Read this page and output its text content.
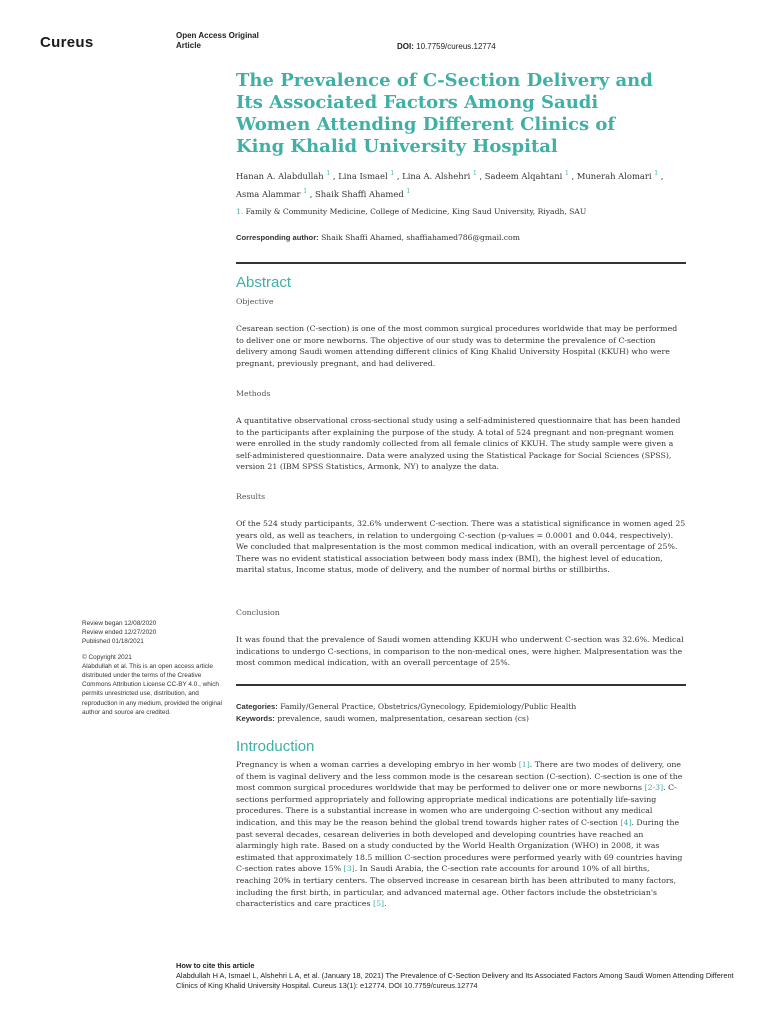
Cureus	Open Access Original
Article	DOI: 10.7759/cureus.12774
The Prevalence of C-Section Delivery and Its Associated Factors Among Saudi Women Attending Different Clinics of King Khalid University Hospital
Hanan A. Alabdullah $^1$ , Lina Ismael $^1$ , Lina A. Alshehri $^1$ , Sadeem Alqahtani $^1$ , Munerah Alomari $^1$ , Asma Alammar $^1$ , Shaik Shaffi Ahamed $^1$
1. Family & Community Medicine, College of Medicine, King Saud University, Riyadh, SAU
Corresponding author: Shaik Shaffi Ahamed, shaffiahamed786@gmail.com
Abstract
Objective
Cesarean section (C-section) is one of the most common surgical procedures worldwide that may be performed to deliver one or more newborns. The objective of our study was to determine the prevalence of C-section delivery among Saudi women attending different clinics of King Khalid University Hospital (KKUH) who were pregnant, previously pregnant, and had delivered.
Methods
A quantitative observational cross-sectional study using a self-administered questionnaire that has been handed to the participants after explaining the purpose of the study. A total of 524 pregnant and non-pregnant women were enrolled in the study randomly collected from all female clinics of KKUH. The study sample were given a self-administered questionnaire. Data were analyzed using the Statistical Package for Social Sciences (SPSS), version 21 (IBM SPSS Statistics, Armonk, NY) to analyze the data.
Results
Of the 524 study participants, 32.6% underwent C-section. There was a statistical significance in women aged 25 years old, as well as teachers, in relation to undergoing C-section (p-values = 0.0001 and 0.044, respectively). We concluded that malpresentation is the most common medical indication, with an overall percentage of 25%. There was no evident statistical association between body mass index (BMI), the highest level of education, marital status, Income status, mode of delivery, and the number of normal births or stillbirths.
Conclusion
It was found that the prevalence of Saudi women attending KKUH who underwent C-section was 32.6%. Medical indications to undergo C-sections, in comparison to the non-medical ones, were higher. Malpresentation was the most common medical indication, with an overall percentage of 25%.
Categories: Family/General Practice, Obstetrics/Gynecology, Epidemiology/Public Health
Keywords: prevalence, saudi women, malpresentation, cesarean section (cs)
Introduction
Pregnancy is when a woman carries a developing embryo in her womb [1]. There are two modes of delivery, one of them is vaginal delivery and the less common mode is the cesarean section (C-section). C-section is one of the most common surgical procedures worldwide that may be performed to deliver one or more newborns [2-3]. C-sections performed appropriately and following appropriate medical indications are potentially life-saving procedures. There is a substantial increase in women who are undergoing C-section without any medical indication, and this may be the reason behind the global trend towards higher rates of C-section [4]. During the past several decades, cesarean deliveries in both developed and developing countries have reached an alarmingly high rate. Based on a study conducted by the World Health Organization (WHO) in 2008, it was estimated that approximately 18.5 million C-section procedures were performed yearly with 69 countries having C-section rates above 15% [3]. In Saudi Arabia, the C-section rate accounts for around 10% of all births, reaching 20% in tertiary centers. The observed increase in cesarean birth has been attributed to many factors, including the first birth, in particular, and advanced maternal age. Other factors include the obstetrician's characteristics and care practices [5].
Review began 12/08/2020
Review ended 12/27/2020
Published 01/18/2021
© Copyright 2021
Alabdullah et al. This is an open access article distributed under the terms of the Creative Commons Attribution License CC-BY 4.0., which permits unrestricted use, distribution, and reproduction in any medium, provided the original author and source are credited.
How to cite this article
Alabdullah H A, Ismael L, Alshehri L A, et al. (January 18, 2021) The Prevalence of C-Section Delivery and Its Associated Factors Among Saudi Women Attending Different Clinics of King Khalid University Hospital. Cureus 13(1): e12774. DOI 10.7759/cureus.12774
